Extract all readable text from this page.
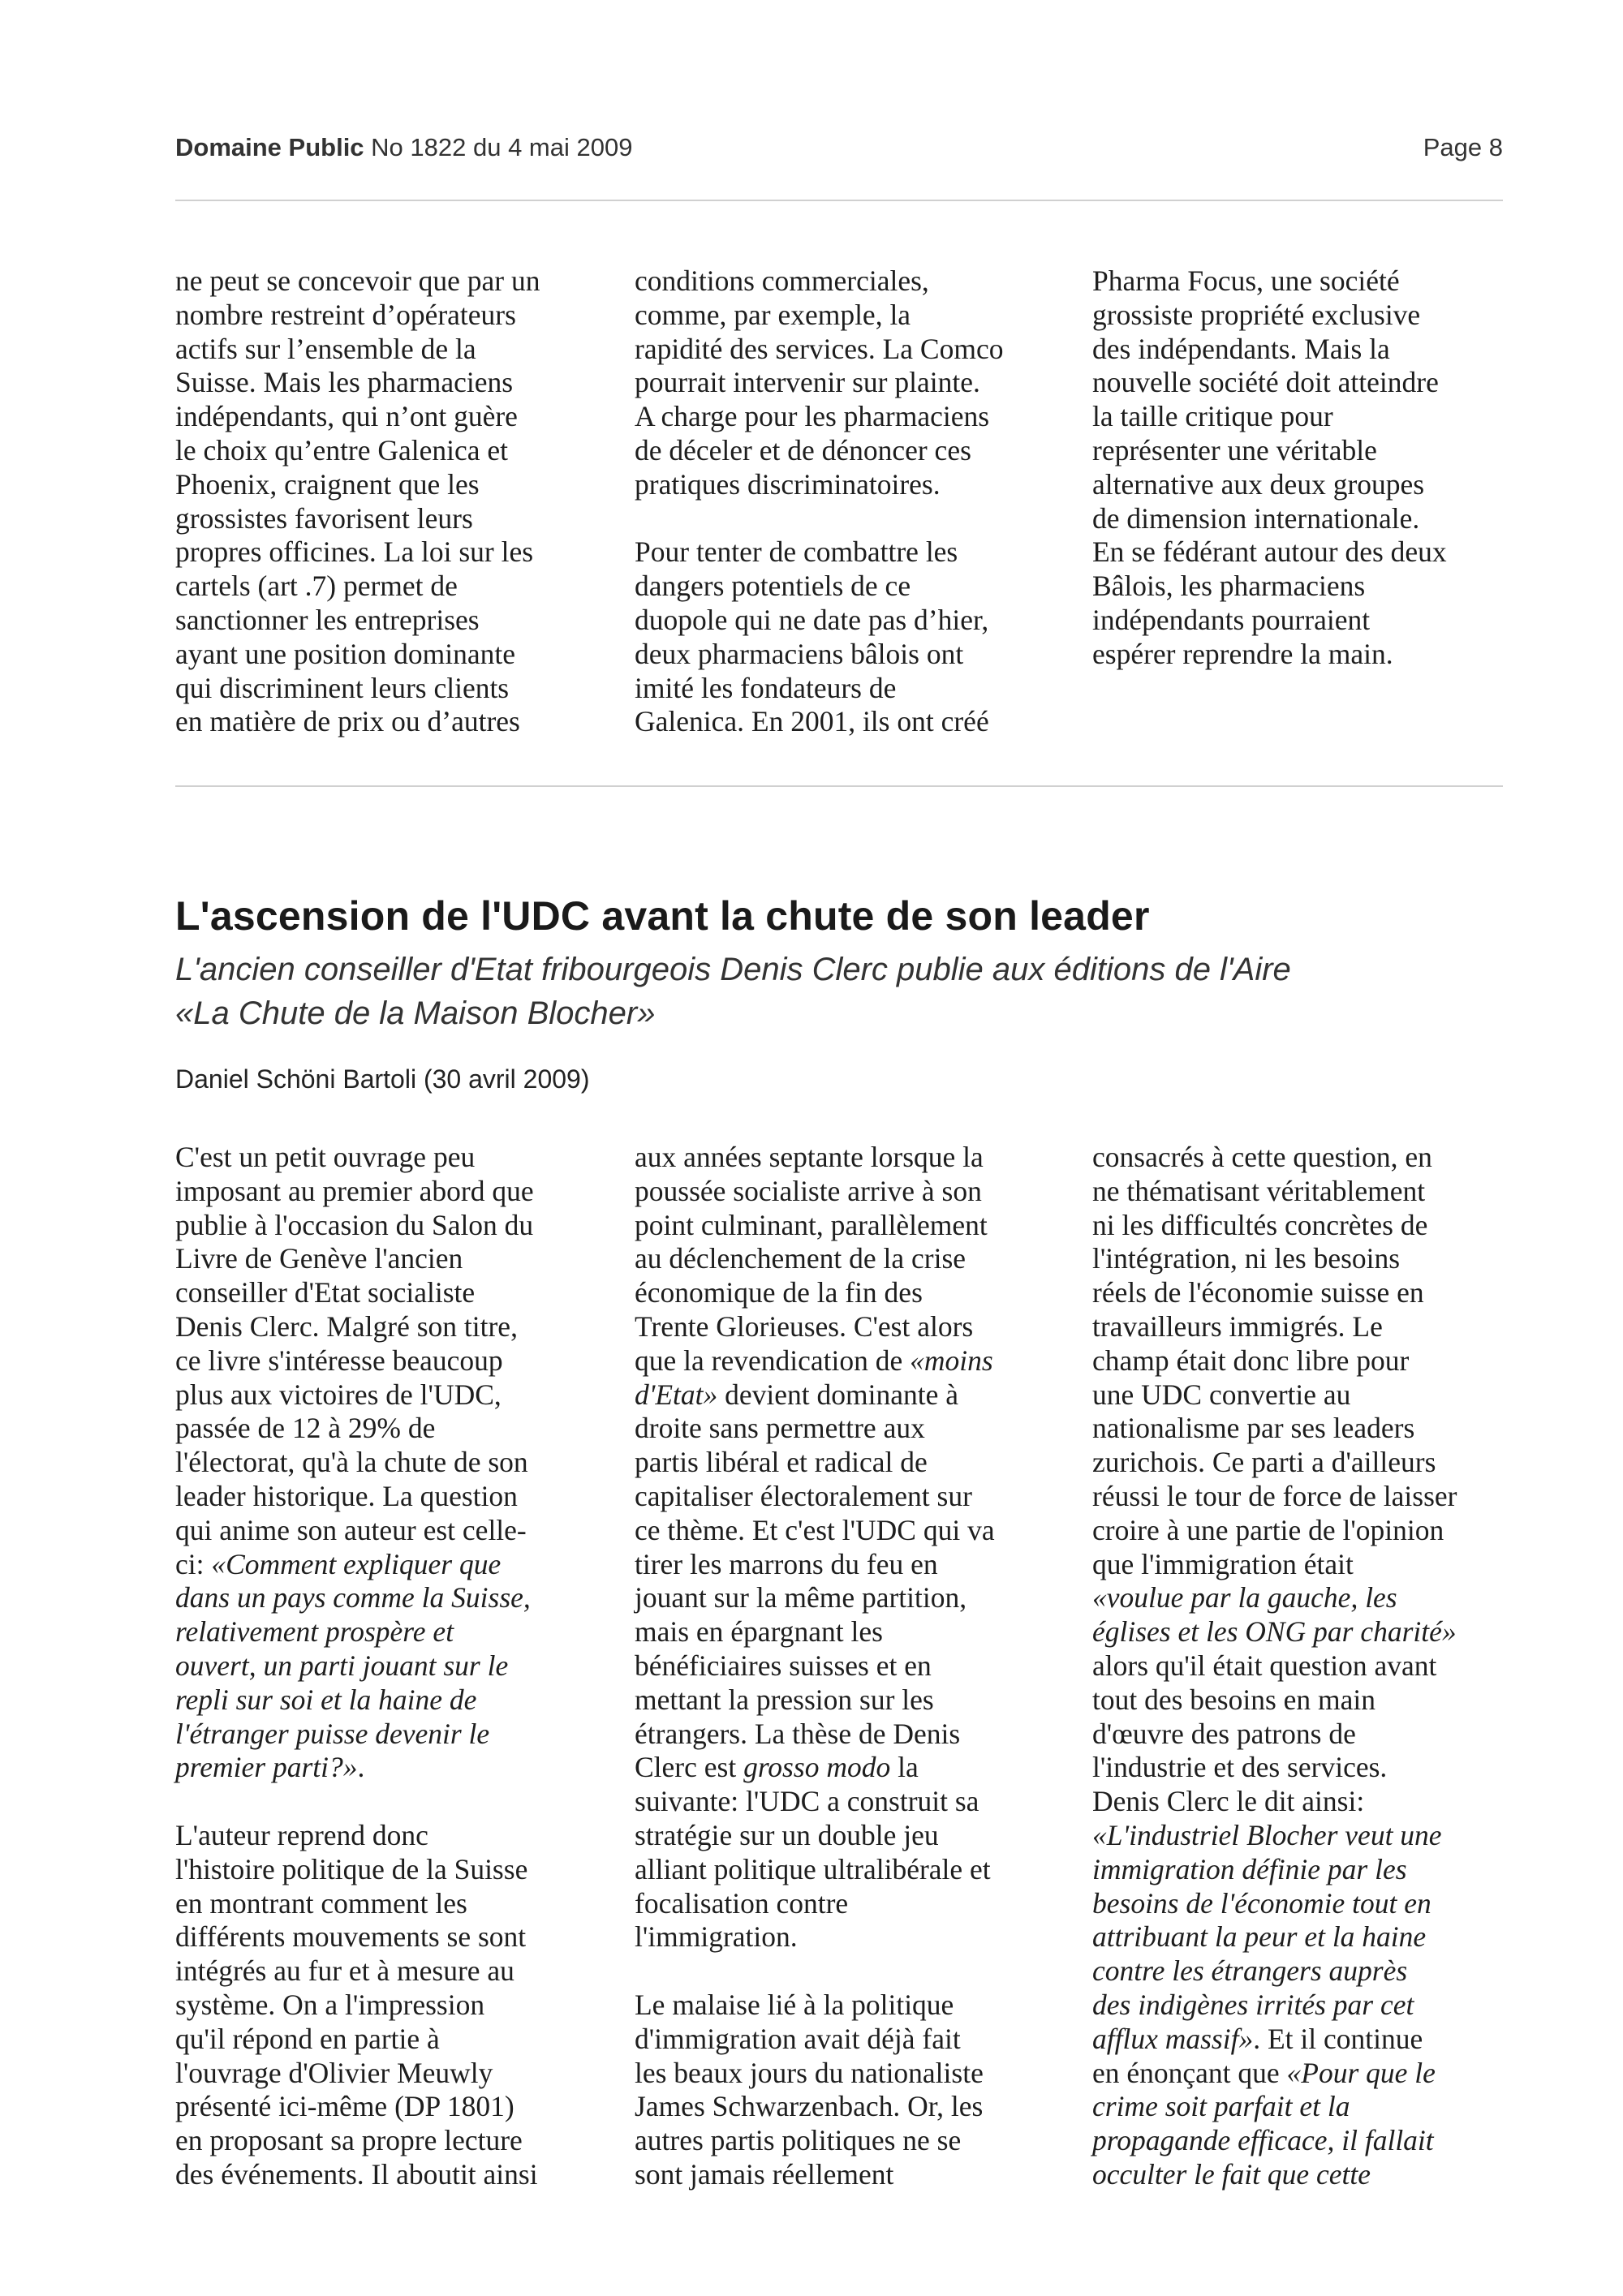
Domaine Public No 1822 du 4 mai 2009	Page 8

ne peut se concevoir que par un
nombre restreint d’opérateurs
actifs sur l’ensemble de la
Suisse. Mais les pharmaciens
indépendants, qui n’ont guère
le choix qu’entre Galenica et
Phoenix, craignent que les
grossistes favorisent leurs
propres officines. La loi sur les
cartels (art .7) permet de
sanctionner les entreprises
ayant une position dominante
qui discriminent leurs clients
en matière de prix ou d’autres

conditions commerciales,
comme, par exemple, la
rapidité des services. La Comco
pourrait intervenir sur plainte.
A charge pour les pharmaciens
de déceler et de dénoncer ces
pratiques discriminatoires.

Pour tenter de combattre les
dangers potentiels de ce
duopole qui ne date pas d’hier,
deux pharmaciens bâlois ont
imité les fondateurs de
Galenica. En 2001, ils ont créé

Pharma Focus, une société
grossiste propriété exclusive
des indépendants. Mais la
nouvelle société doit atteindre
la taille critique pour
représenter une véritable
alternative aux deux groupes
de dimension internationale.
En se fédérant autour des deux
Bâlois, les pharmaciens
indépendants pourraient
espérer reprendre la main.

L'ascension de l'UDC avant la chute de son leader
L'ancien conseiller d'Etat fribourgeois Denis Clerc publie aux éditions de l'Aire
«La Chute de la Maison Blocher»
Daniel Schöni Bartoli (30 avril 2009)

C'est un petit ouvrage peu
imposant au premier abord que
publie à l'occasion du Salon du
Livre de Genève l'ancien
conseiller d'Etat socialiste
Denis Clerc. Malgré son titre,
ce livre s'intéresse beaucoup
plus aux victoires de l'UDC,
passée de 12 à 29% de
l'électorat, qu'à la chute de son
leader historique. La question
qui anime son auteur est celle-
ci: «Comment expliquer que
dans un pays comme la Suisse,
relativement prospère et
ouvert, un parti jouant sur le
repli sur soi et la haine de
l'étranger puisse devenir le
premier parti?».

L'auteur reprend donc
l'histoire politique de la Suisse
en montrant comment les
différents mouvements se sont
intégrés au fur et à mesure au
système. On a l'impression
qu'il répond en partie à
l'ouvrage d'Olivier Meuwly
présenté ici-même (DP 1801)
en proposant sa propre lecture
des événements. Il aboutit ainsi

aux années septante lorsque la
poussée socialiste arrive à son
point culminant, parallèlement
au déclenchement de la crise
économique de la fin des
Trente Glorieuses. C'est alors
que la revendication de «moins
d'Etat» devient dominante à
droite sans permettre aux
partis libéral et radical de
capitaliser électoralement sur
ce thème. Et c'est l'UDC qui va
tirer les marrons du feu en
jouant sur la même partition,
mais en épargnant les
bénéficiaires suisses et en
mettant la pression sur les
étrangers. La thèse de Denis
Clerc est grosso modo la
suivante: l'UDC a construit sa
stratégie sur un double jeu
alliant politique ultralibérale et
focalisation contre
l'immigration.

Le malaise lié à la politique
d'immigration avait déjà fait
les beaux jours du nationaliste
James Schwarzenbach. Or, les
autres partis politiques ne se
sont jamais réellement

consacrés à cette question, en
ne thématisant véritablement
ni les difficultés concrètes de
l'intégration, ni les besoins
réels de l'économie suisse en
travailleurs immigrés. Le
champ était donc libre pour
une UDC convertie au
nationalisme par ses leaders
zurichois. Ce parti a d'ailleurs
réussi le tour de force de laisser
croire à une partie de l'opinion
que l'immigration était
«voulue par la gauche, les
églises et les ONG par charité»
alors qu'il était question avant
tout des besoins en main
d'œuvre des patrons de
l'industrie et des services.
Denis Clerc le dit ainsi:
«L'industriel Blocher veut une
immigration définie par les
besoins de l'économie tout en
attribuant la peur et la haine
contre les étrangers auprès
des indigènes irrités par cet
afflux massif». Et il continue
en énonçant que «Pour que le
crime soit parfait et la
propagande efficace, il fallait
occulter le fait que cette
